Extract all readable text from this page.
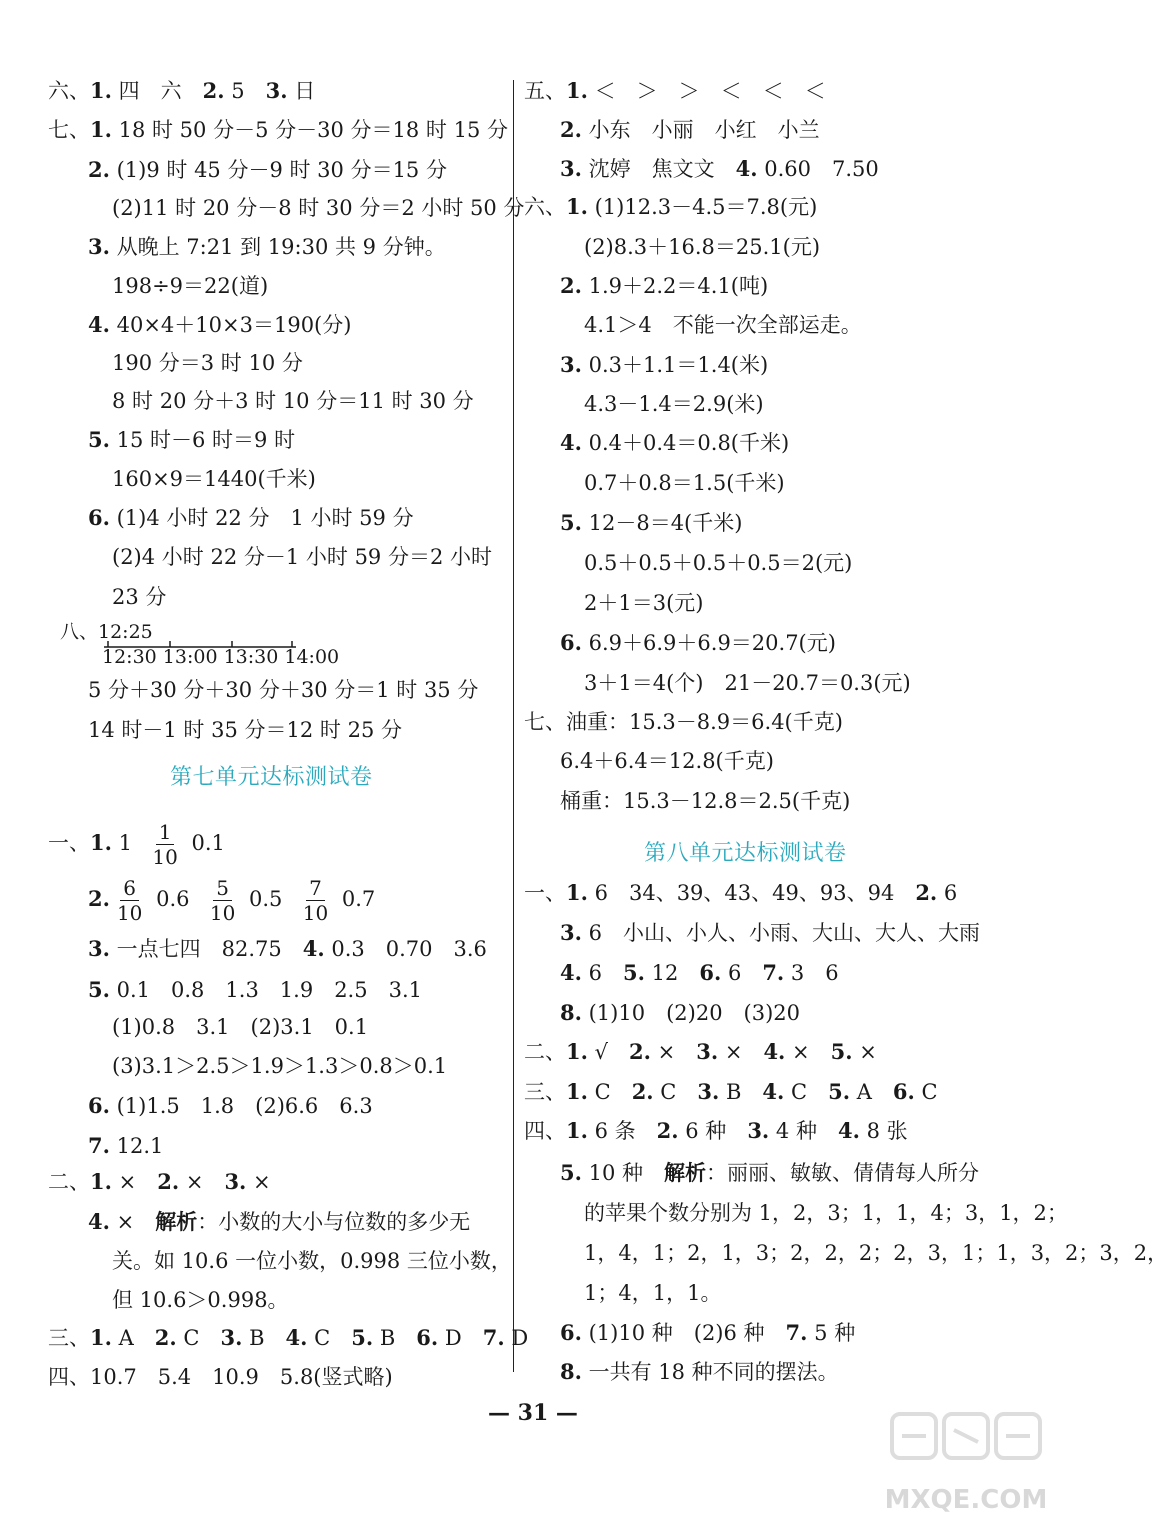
六、1. 四　六　2. 5　3. 日
七、1. 18 时 50 分－5 分－30 分＝18 时 15 分
2. (1)9 时 45 分－9 时 30 分＝15 分
(2)11 时 20 分－8 时 30 分＝2 小时 50 分
3. 从晚上 7:21 到 19:30 共 9 分钟。
198÷9＝22(道)
4. 40×4＋10×3＝190(分)
190 分＝3 时 10 分
8 时 20 分＋3 时 10 分＝11 时 30 分
5. 15 时－6 时＝9 时
160×9＝1440(千米)
6. (1)4 小时 22 分　1 小时 59 分
(2)4 小时 22 分－1 小时 59 分＝2 小时
23 分
八、12:25
12:30 13:00 13:30 14:00
5 分＋30 分＋30 分＋30 分＝1 时 35 分
14 时－1 时 35 分＝12 时 25 分
第七单元达标测试卷
一、1. $1 \frac{1}{10} 0.1$
2. $\frac{6}{10} 0.6 \frac{5}{10} 0.5 \frac{7}{10} 0.7$
3. 一点七四　82.75　4. 0.3　0.70　3.6
5. 0.1　0.8　1.3　1.9　2.5　3.1
(1)0.8　3.1　(2)3.1　0.1
(3)3.1＞2.5＞1.9＞1.3＞0.8＞0.1
6. (1)1.5　1.8　(2)6.6　6.3
7. 12.1
二、1. ×　2. ×　3. ×
4. ×　解析：小数的大小与位数的多少无
关。如 10.6 一位小数，0.998 三位小数，
但 10.6＞0.998。
三、1. A　2. C　3. B　4. C　5. B　6. D　7. D
四、10.7　5.4　10.9　5.8(竖式略)
五、1. ＜　＞　＞　＜　＜　＜
2. 小东　小丽　小红　小兰
3. 沈婷　焦文文　4. 0.60　7.50
六、1. (1)12.3－4.5＝7.8(元)
(2)8.3＋16.8＝25.1(元)
2. 1.9＋2.2＝4.1(吨)
4.1＞4　不能一次全部运走。
3. 0.3＋1.1＝1.4(米)
4.3－1.4＝2.9(米)
4. 0.4＋0.4＝0.8(千米)
0.7＋0.8＝1.5(千米)
5. 12－8＝4(千米)
0.5＋0.5＋0.5＋0.5＝2(元)
2＋1＝3(元)
6. 6.9＋6.9＋6.9＝20.7(元)
3＋1＝4(个)　21－20.7＝0.3(元)
七、油重：15.3－8.9＝6.4(千克)
6.4＋6.4＝12.8(千克)
桶重：15.3－12.8＝2.5(千克)
第八单元达标测试卷
一、1. 6　34、39、43、49、93、94　2. 6
3. 6　小山、小人、小雨、大山、大人、大雨
4. 6　5. 12　6. 6　7. 3　6
8. (1)10　(2)20　(3)20
二、1. √　2. ×　3. ×　4. ×　5. ×
三、1. C　2. C　3. B　4. C　5. A　6. C
四、1. 6 条　2. 6 种　3. 4 种　4. 8 张
5. 10 种　解析：丽丽、敏敏、倩倩每人所分
的苹果个数分别为 1，2，3；1，1，4；3，1，2；
1，4，1；2，1，3；2，2，2；2，3，1；1，3，2；3，2，
1；4，1，1。
6. (1)10 种　(2)6 种　7. 5 种
8. 一共有 18 种不同的摆法。
— 31 —
MXQE.COM
